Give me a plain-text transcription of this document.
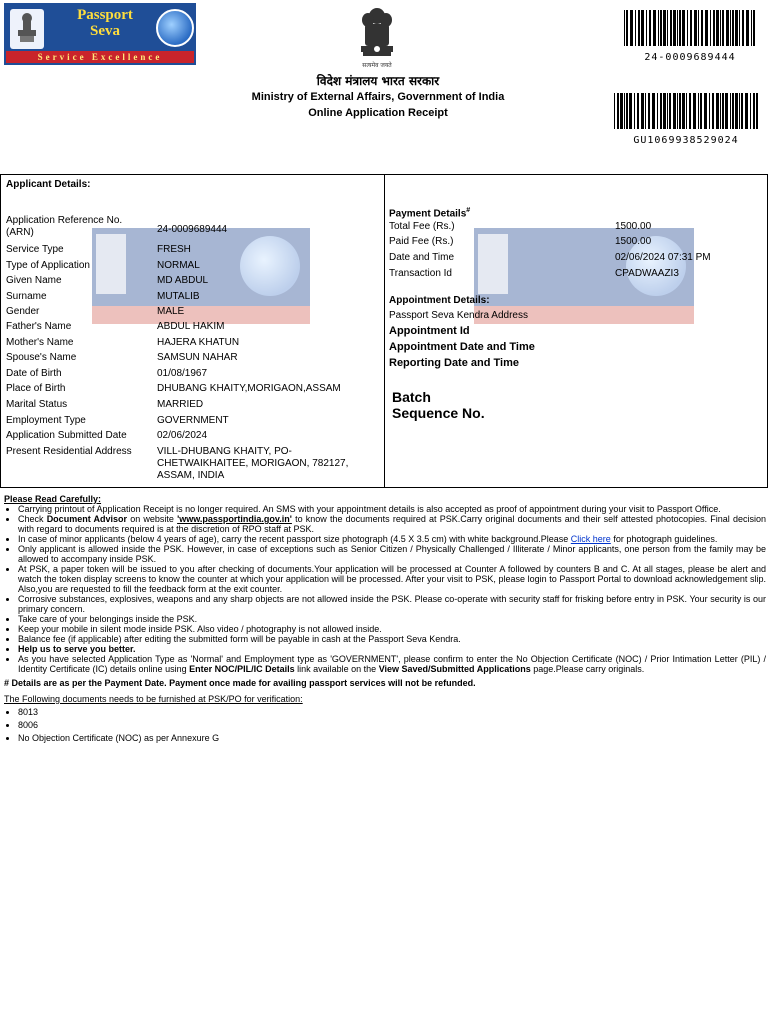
Passport
Seva
Service Excellence
सत्यमेव जयते
विदेश मंत्रालय भारत सरकार
Ministry of External Affairs, Government of India
Online Application Receipt
24-0009689444
GU1069938529024
Applicant Details:
Application Reference No. (ARN)	24-0009689444
Service Type	FRESH
Type of Application	NORMAL
Given Name	MD ABDUL
Surname	MUTALIB
Gender	MALE
Father's Name	ABDUL HAKIM
Mother's Name	HAJERA KHATUN
Spouse's Name	SAMSUN NAHAR
Date of Birth	01/08/1967
Place of Birth	DHUBANG KHAITY,MORIGAON,ASSAM
Marital Status	MARRIED
Employment Type	GOVERNMENT
Application Submitted Date	02/06/2024
Present Residential Address	VILL-DHUBANG KHAITY, PO-CHETWAIKHAITEE, MORIGAON, 782127, ASSAM, INDIA
Payment Details#
Total Fee (Rs.)	1500.00
Paid Fee (Rs.)	1500.00
Date and Time	02/06/2024 07:31 PM
Transaction Id	CPADWAAZI3
Appointment Details:
Passport Seva Kendra Address
Appointment Id
Appointment Date and Time
Reporting Date and Time
Batch
Sequence No.

Please Read Carefully:

• Carrying printout of Application Receipt is no longer required. An SMS with your appointment details is also accepted as proof of appointment during your visit to Passport Office.
• Check Document Advisor on website 'www.passportindia.gov.in' to know the documents required at PSK.Carry original documents and their self attested photocopies. Final decision with regard to documents required is at the discretion of RPO staff at PSK.
• In case of minor applicants (below 4 years of age), carry the recent passport size photograph (4.5 X 3.5 cm) with white background.Please Click here for photograph guidelines.
• Only applicant is allowed inside the PSK. However, in case of exceptions such as Senior Citizen / Physically Challenged / Illiterate / Minor applicants, one person from the family may be allowed to accompany inside PSK.
• At PSK, a paper token will be issued to you after checking of documents.Your application will be processed at Counter A followed by counters B and C. At all stages, please be alert and watch the token display screens to know the counter at which your application will be processed. After your visit to PSK, please login to Passport Portal to download acknowledgement slip. Also,you are requested to fill the feedback form at the exit counter.
• Corrosive substances, explosives, weapons and any sharp objects are not allowed inside the PSK. Please co-operate with security staff for frisking before entry in PSK. Your security is our primary concern.
• Take care of your belongings inside the PSK.
• Keep your mobile in silent mode inside PSK. Also video / photography is not allowed inside.
• Balance fee (if applicable) after editing the submitted form will be payable in cash at the Passport Seva Kendra.
• Help us to serve you better.
• As you have selected Application Type as 'Normal' and Employment type as 'GOVERNMENT', please confirm to enter the No Objection Certificate (NOC) / Prior Intimation Letter (PIL) / Identity Certificate (IC) details online using Enter NOC/PIL/IC Details link available on the View Saved/Submitted Applications page.Please carry originals.

# Details are as per the Payment Date. Payment once made for availing passport services will not be refunded.

The Following documents needs to be furnished at PSK/PO for verification:

• 8013
• 8006
• No Objection Certificate (NOC) as per Annexure G
